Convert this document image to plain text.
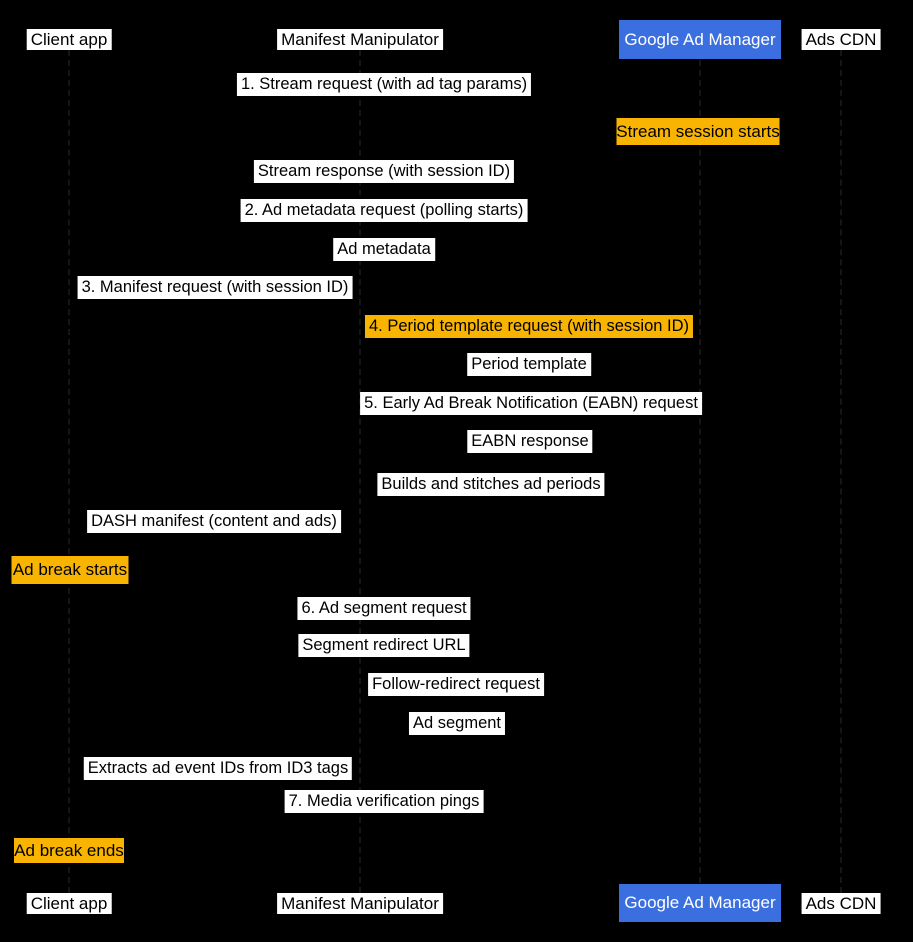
Client app	Manifest Manipulator	Google Ad Manager	Ads CDN
Client app	Manifest Manipulator	Google Ad Manager	Ads CDN
Stream session starts
Ad break starts
Ad break ends
1. Stream request (with ad tag params)
Stream response (with session ID)
2. Ad metadata request (polling starts)
Ad metadata
3. Manifest request (with session ID)
4. Period template request (with session ID)
Period template
5. Early Ad Break Notification (EABN) request
EABN response
Builds and stitches ad periods
DASH manifest (content and ads)
6. Ad segment request
Segment redirect URL
Follow-redirect request
Ad segment
Extracts ad event IDs from ID3 tags
7. Media verification pings
